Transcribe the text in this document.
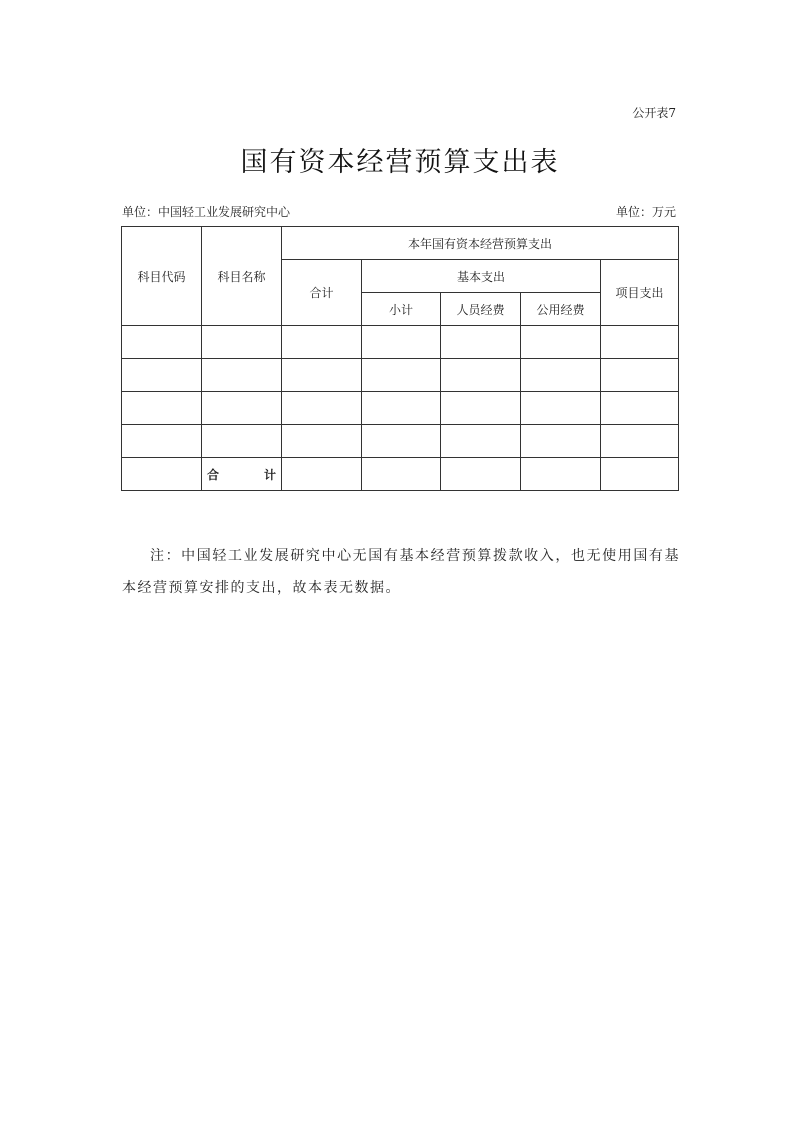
公开表7
国有资本经营预算支出表
单位：中国轻工业发展研究中心	单位：万元
科目代码	科目名称	本年国有资本经营预算支出				
		合计	基本支出			项目支出
			小计	人员经费	公用经费	

	合 计					

注：中国轻工业发展研究中心无国有基本经营预算拨款收入，也无使用国有基本经营预算安排的支出，故本表无数据。
